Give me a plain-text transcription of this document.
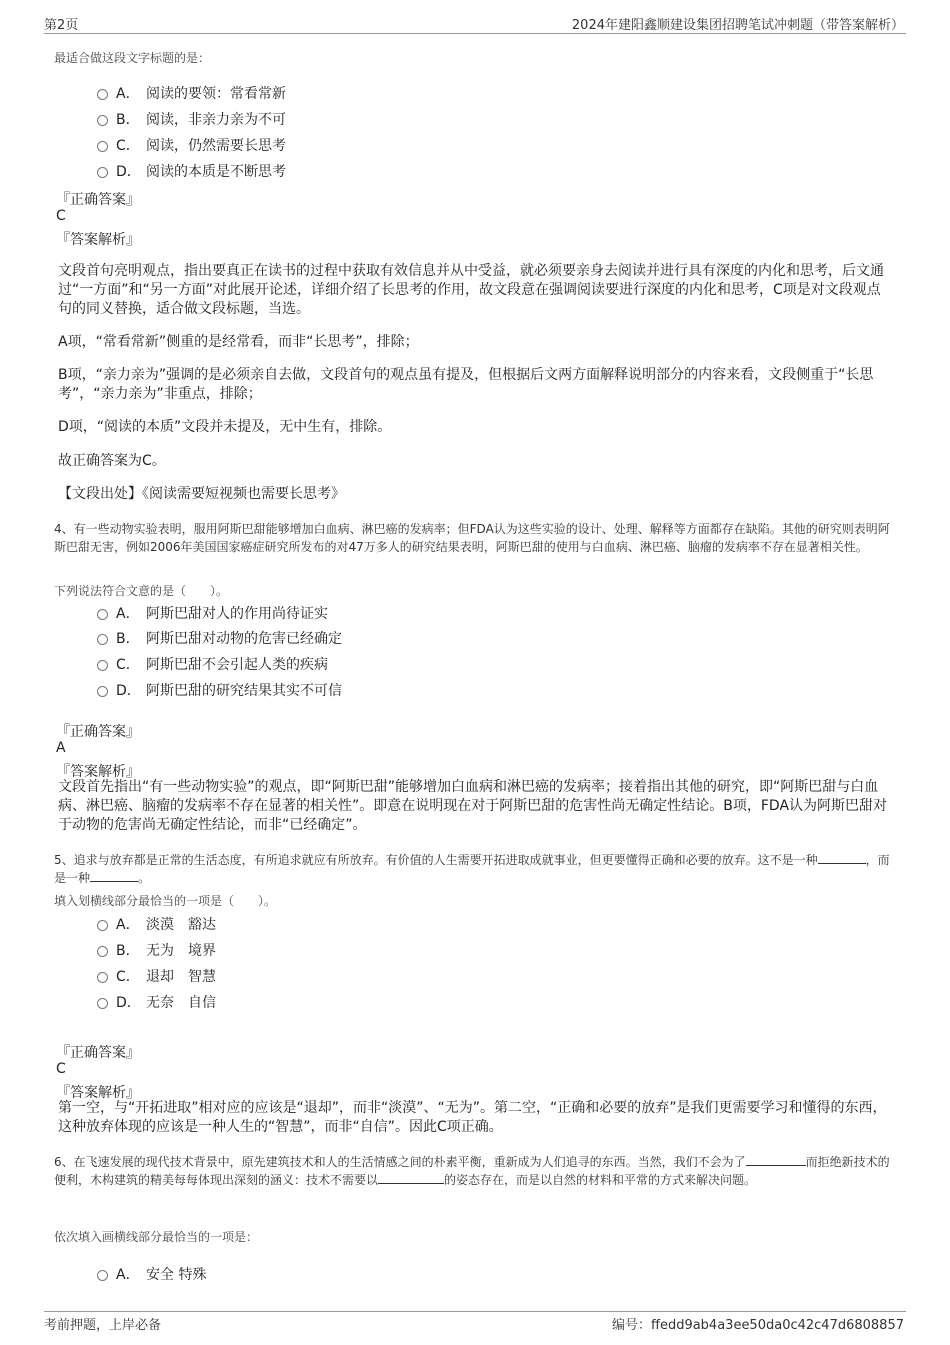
第2页	2024年建阳鑫顺建设集团招聘笔试冲刺题（带答案解析）
最适合做这段文字标题的是：
A． 阅读的要领：常看常新
B． 阅读，非亲力亲为不可
C． 阅读，仍然需要长思考
D． 阅读的本质是不断思考
『正确答案』
C
『答案解析』
文段首句亮明观点，指出要真正在读书的过程中获取有效信息并从中受益，就必须要亲身去阅读并进行具有深度的内化和思考，后文通过“一方面”和“另一方面”对此展开论述，详细介绍了长思考的作用，故文段意在强调阅读要进行深度的内化和思考，C项是对文段观点句的同义替换，适合做文段标题，当选。
A项，“常看常新”侧重的是经常看，而非“长思考”，排除；
B项，“亲力亲为”强调的是必须亲自去做，文段首句的观点虽有提及，但根据后文两方面解释说明部分的内容来看，文段侧重于“长思考”，“亲力亲为”非重点，排除；
D项，“阅读的本质”文段并未提及，无中生有，排除。
故正确答案为C。
【文段出处】《阅读需要短视频也需要长思考》
4、有一些动物实验表明，服用阿斯巴甜能够增加白血病、淋巴癌的发病率；但FDA认为这些实验的设计、处理、解释等方面都存在缺陷。其他的研究则表明阿斯巴甜无害，例如2006年美国国家癌症研究所发布的对47万多人的研究结果表明，阿斯巴甜的使用与白血病、淋巴癌、脑瘤的发病率不存在显著相关性。
下列说法符合文意的是（　　）。
A． 阿斯巴甜对人的作用尚待证实
B． 阿斯巴甜对动物的危害已经确定
C． 阿斯巴甜不会引起人类的疾病
D． 阿斯巴甜的研究结果其实不可信
『正确答案』
A
『答案解析』
文段首先指出“有一些动物实验”的观点，即“阿斯巴甜”能够增加白血病和淋巴癌的发病率；接着指出其他的研究，即“阿斯巴甜与白血病、淋巴癌、脑瘤的发病率不存在显著的相关性”。即意在说明现在对于阿斯巴甜的危害性尚无确定性结论。B项，FDA认为阿斯巴甜对于动物的危害尚无确定性结论，而非“已经确定”。
5、追求与放弃都是正常的生活态度，有所追求就应有所放弃。有价值的人生需要开拓进取成就事业，但更要懂得正确和必要的放弃。这不是一种	，而是一种	。
填入划横线部分最恰当的一项是（　　）。
A． 淡漠　豁达
B． 无为　境界
C． 退却　智慧
D． 无奈　自信
『正确答案』
C
『答案解析』
第一空，与“开拓进取”相对应的应该是“退却”，而非“淡漠”、“无为”。第二空，“正确和必要的放弃”是我们更需要学习和懂得的东西，这种放弃体现的应该是一种人生的“智慧”，而非“自信”。因此C项正确。
6、在飞速发展的现代技术背景中，原先建筑技术和人的生活情感之间的朴素平衡，重新成为人们追寻的东西。当然，我们不会为了	而拒绝新技术的便利，木构建筑的精美每每体现出深刻的涵义：技术不需要以	的姿态存在，而是以自然的材料和平常的方式来解决问题。
依次填入画横线部分最恰当的一项是：
A． 安全 特殊
考前押题，上岸必备	编号：ffedd9ab4a3ee50da0c42c47d6808857
